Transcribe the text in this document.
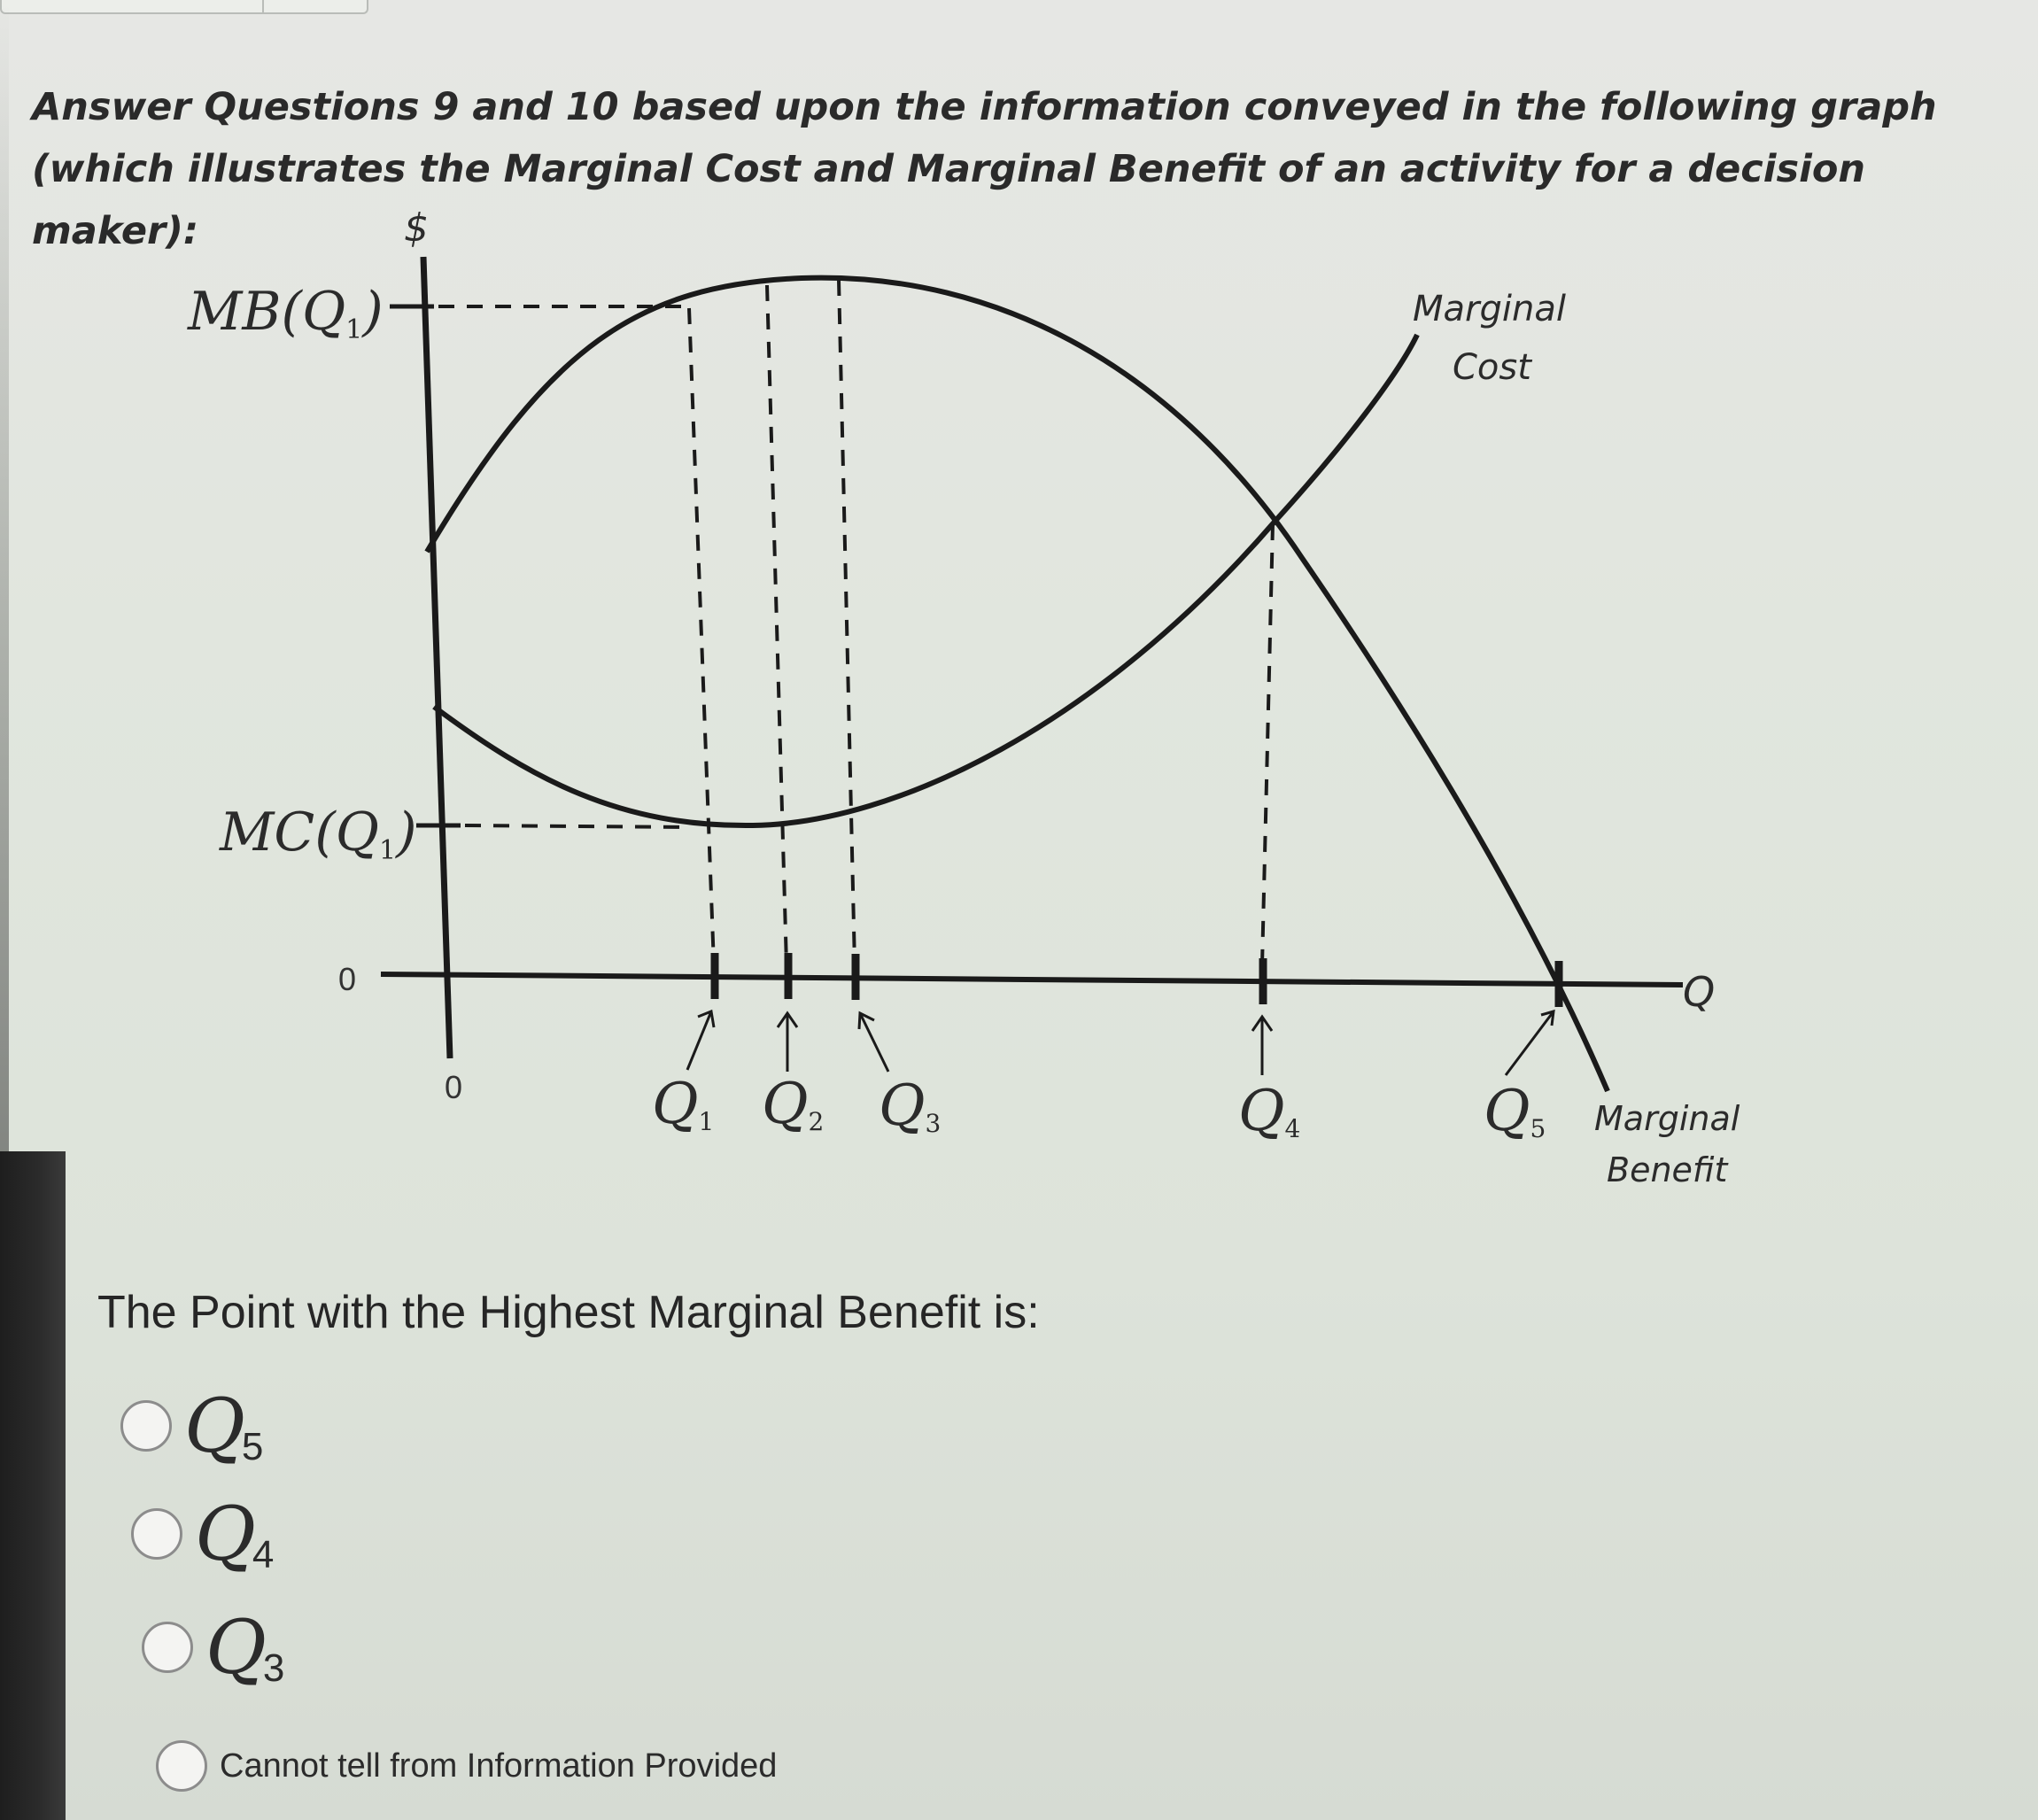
Answer Questions 9 and 10 based upon the information conveyed in the following graph (which illustrates the Marginal Cost and Marginal Benefit of an activity for a decision maker):	$
MB(Q1)
MC(Q1)
0
0	Q1 Q2 Q3	Q4	Q5
Q
Marginal
Cost
Marginal
Benefit

The Point with the Highest Marginal Benefit is:

Q
5
Q
4
Q
3
Cannot tell from Information Provided
